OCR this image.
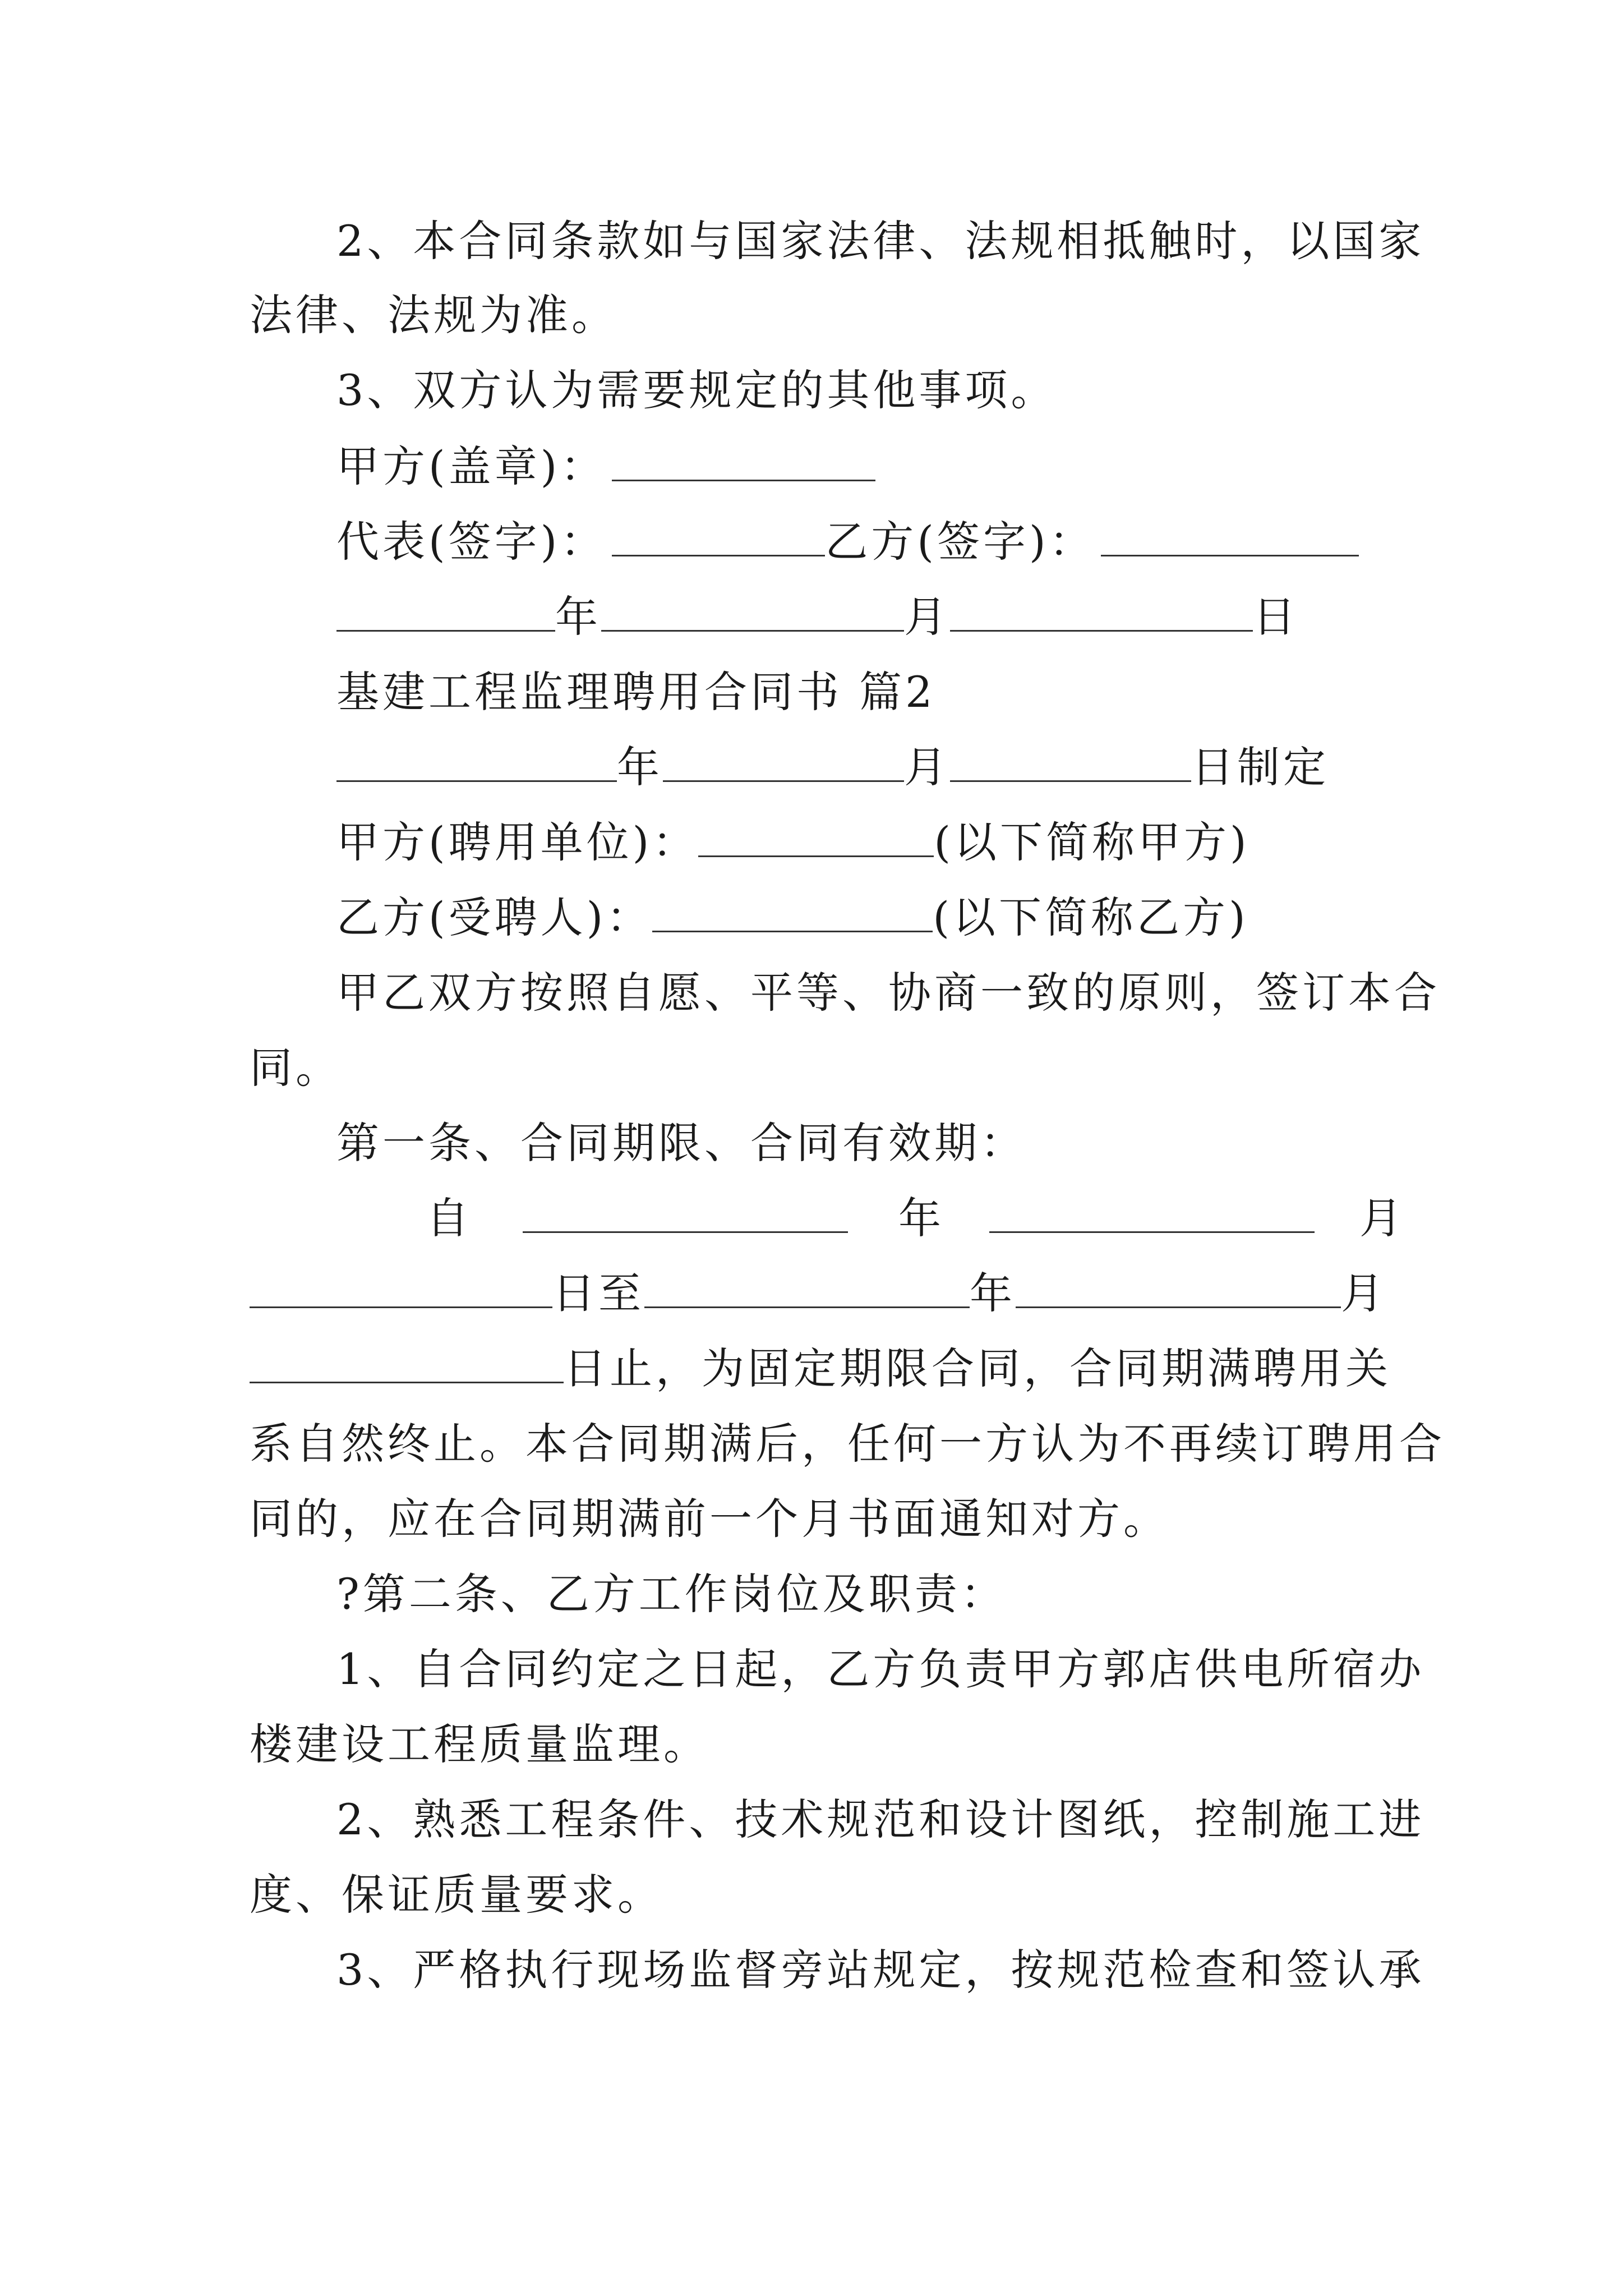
2、本合同条款如与国家法律、法规相抵触时，以国家
法律、法规为准。
3、双方认为需要规定的其他事项。
甲方(盖章)：
代表(签字)：	乙方(签字)：
年	月	日
基建工程监理聘用合同书 篇2
年	月	日制定
甲方(聘用单位)：	(以下简称甲方)
乙方(受聘人)：	(以下简称乙方)
甲乙双方按照自愿、平等、协商一致的原则，签订本合
同。
第一条、合同期限、合同有效期：
自	年	月
日至	年	月
日止，为固定期限合同，合同期满聘用关
系自然终止。本合同期满后，任何一方认为不再续订聘用合
同的，应在合同期满前一个月书面通知对方。
?第二条、乙方工作岗位及职责：
1、自合同约定之日起，乙方负责甲方郭店供电所宿办
楼建设工程质量监理。
2、熟悉工程条件、技术规范和设计图纸，控制施工进
度、保证质量要求。
3、严格执行现场监督旁站规定，按规范检查和签认承
